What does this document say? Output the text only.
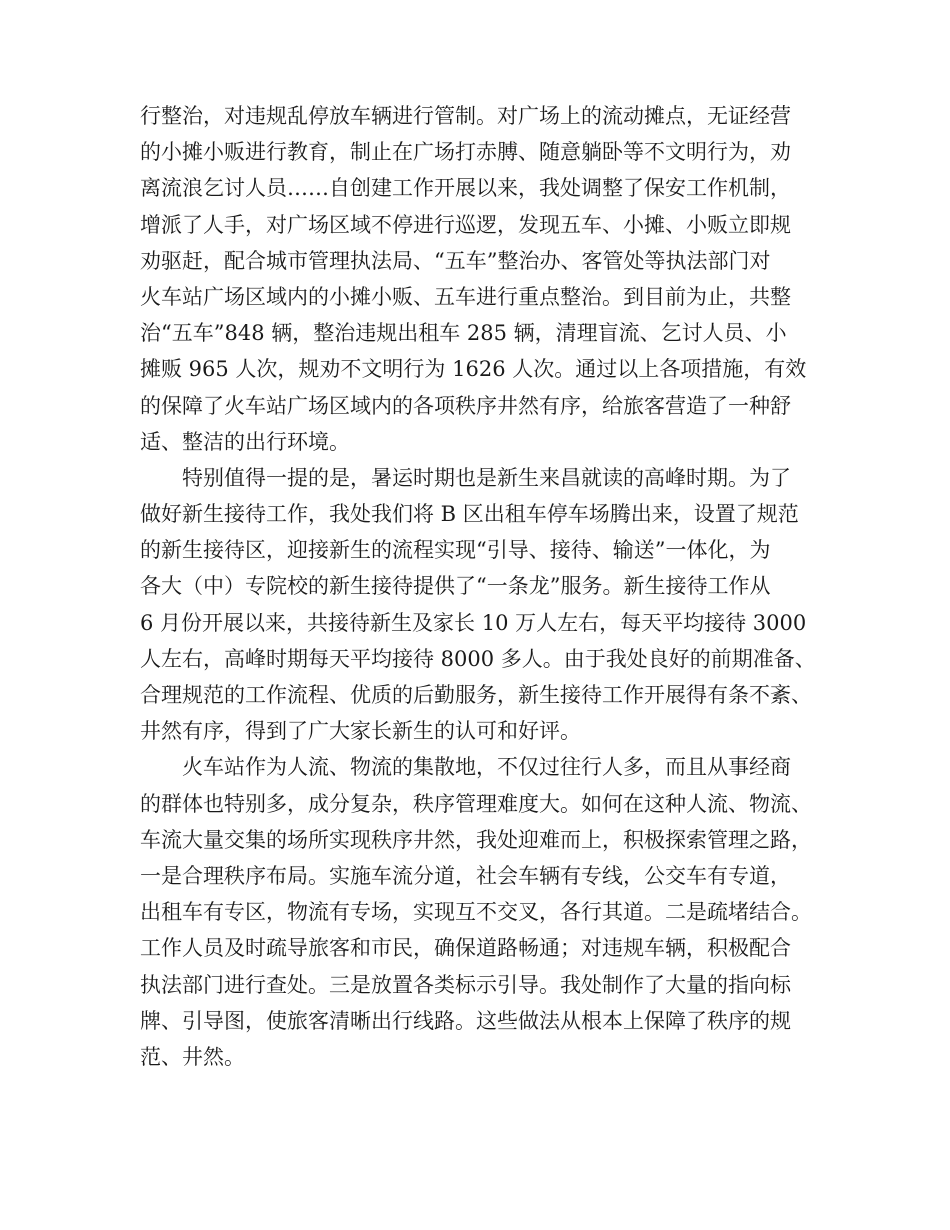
行整治，对违规乱停放车辆进行管制。对广场上的流动摊点，无证经营
的小摊小贩进行教育，制止在广场打赤膊、随意躺卧等不文明行为，劝
离流浪乞讨人员……自创建工作开展以来，我处调整了保安工作机制，
增派了人手，对广场区域不停进行巡逻，发现五车、小摊、小贩立即规
劝驱赶，配合城市管理执法局、“五车”整治办、客管处等执法部门对
火车站广场区域内的小摊小贩、五车进行重点整治。到目前为止，共整
治“五车”848 辆，整治违规出租车 285 辆，清理盲流、乞讨人员、小
摊贩 965 人次，规劝不文明行为 1626 人次。通过以上各项措施，有效
的保障了火车站广场区域内的各项秩序井然有序，给旅客营造了一种舒
适、整洁的出行环境。
特别值得一提的是，暑运时期也是新生来昌就读的高峰时期。为了
做好新生接待工作，我处我们将 B 区出租车停车场腾出来，设置了规范
的新生接待区，迎接新生的流程实现“引导、接待、输送”一体化，为
各大（中）专院校的新生接待提供了“一条龙”服务。新生接待工作从
6 月份开展以来，共接待新生及家长 10 万人左右，每天平均接待 3000
人左右，高峰时期每天平均接待 8000 多人。由于我处良好的前期准备、
合理规范的工作流程、优质的后勤服务，新生接待工作开展得有条不紊、
井然有序，得到了广大家长新生的认可和好评。
火车站作为人流、物流的集散地，不仅过往行人多，而且从事经商
的群体也特别多，成分复杂，秩序管理难度大。如何在这种人流、物流、
车流大量交集的场所实现秩序井然，我处迎难而上，积极探索管理之路，
一是合理秩序布局。实施车流分道，社会车辆有专线，公交车有专道，
出租车有专区，物流有专场，实现互不交叉，各行其道。二是疏堵结合。
工作人员及时疏导旅客和市民，确保道路畅通；对违规车辆，积极配合
执法部门进行查处。三是放置各类标示引导。我处制作了大量的指向标
牌、引导图，使旅客清晰出行线路。这些做法从根本上保障了秩序的规
范、井然。
